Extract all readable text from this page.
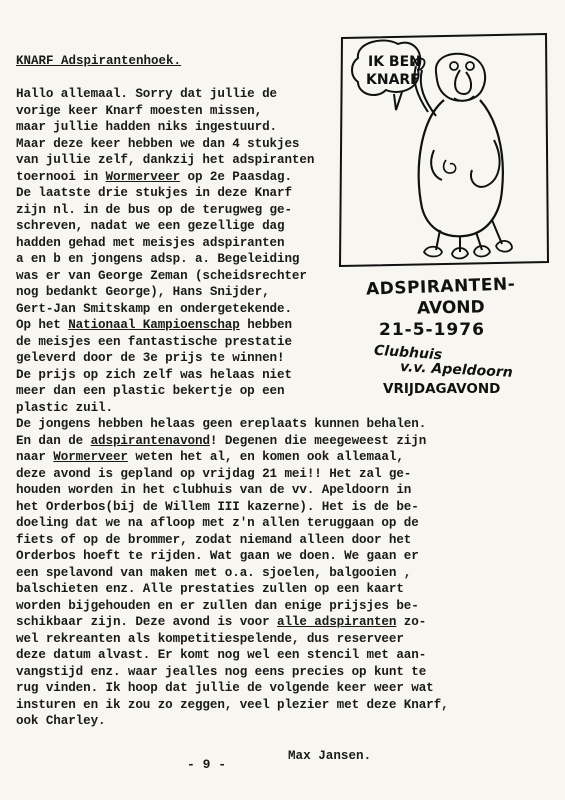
KNARF Adspirantenhoek.
Hallo allemaal. Sorry dat jullie de
vorige keer Knarf moesten missen,
maar jullie hadden niks ingestuurd.
Maar deze keer hebben we dan 4 stukjes
van jullie zelf, dankzij het adspiranten
toernooi in Wormerveer op 2e Paasdag.
De laatste drie stukjes in deze Knarf
zijn nl. in de bus op de terugweg ge-
schreven, nadat we een gezellige dag
hadden gehad met meisjes adspiranten
a en b en jongens adsp. a. Begeleiding
was er van George Zeman (scheidsrechter
nog bedankt George), Hans Snijder,
Gert-Jan Smitskamp en ondergetekende.
Op het Nationaal Kampioenschap hebben
de meisjes een fantastische prestatie
geleverd door de 3e prijs te winnen!
De prijs op zich zelf was helaas niet
meer dan een plastic bekertje op een
plastic zuil.
De jongens hebben helaas geen ereplaats kunnen behalen.
En dan de adspirantenavond! Degenen die meegeweest zijn
naar Wormerveer weten het al, en komen ook allemaal,
deze avond is gepland op vrijdag 21 mei!! Het zal ge-
houden worden in het clubhuis van de vv. Apeldoorn in
het Orderbos(bij de Willem III kazerne). Het is de be-
doeling dat we na afloop met z'n allen teruggaan op de
fiets of op de brommer, zodat niemand alleen door het
Orderbos hoeft te rijden. Wat gaan we doen. We gaan er
een spelavond van maken met o.a. sjoelen, balgooien ,
balschieten enz. Alle prestaties zullen op een kaart
worden bijgehouden en er zullen dan enige prijsjes be-
schikbaar zijn. Deze avond is voor alle adspiranten zo-
wel rekreanten als kompetitiespelende, dus reserveer
deze datum alvast. Er komt nog wel een stencil met aan-
vangstijd enz. waar jealles nog eens precies op kunt te
rug vinden. Ik hoop dat jullie de volgende keer weer wat
insturen en ik zou zo zeggen, veel plezier met deze Knarf,
ook Charley.
IK BEN
KNARF
ADSPIRANTEN-
AVOND
21-5-1976
Clubhuis
v.v. Apeldoorn
VRIJDAGAVOND
- 9 -
Max Jansen.
